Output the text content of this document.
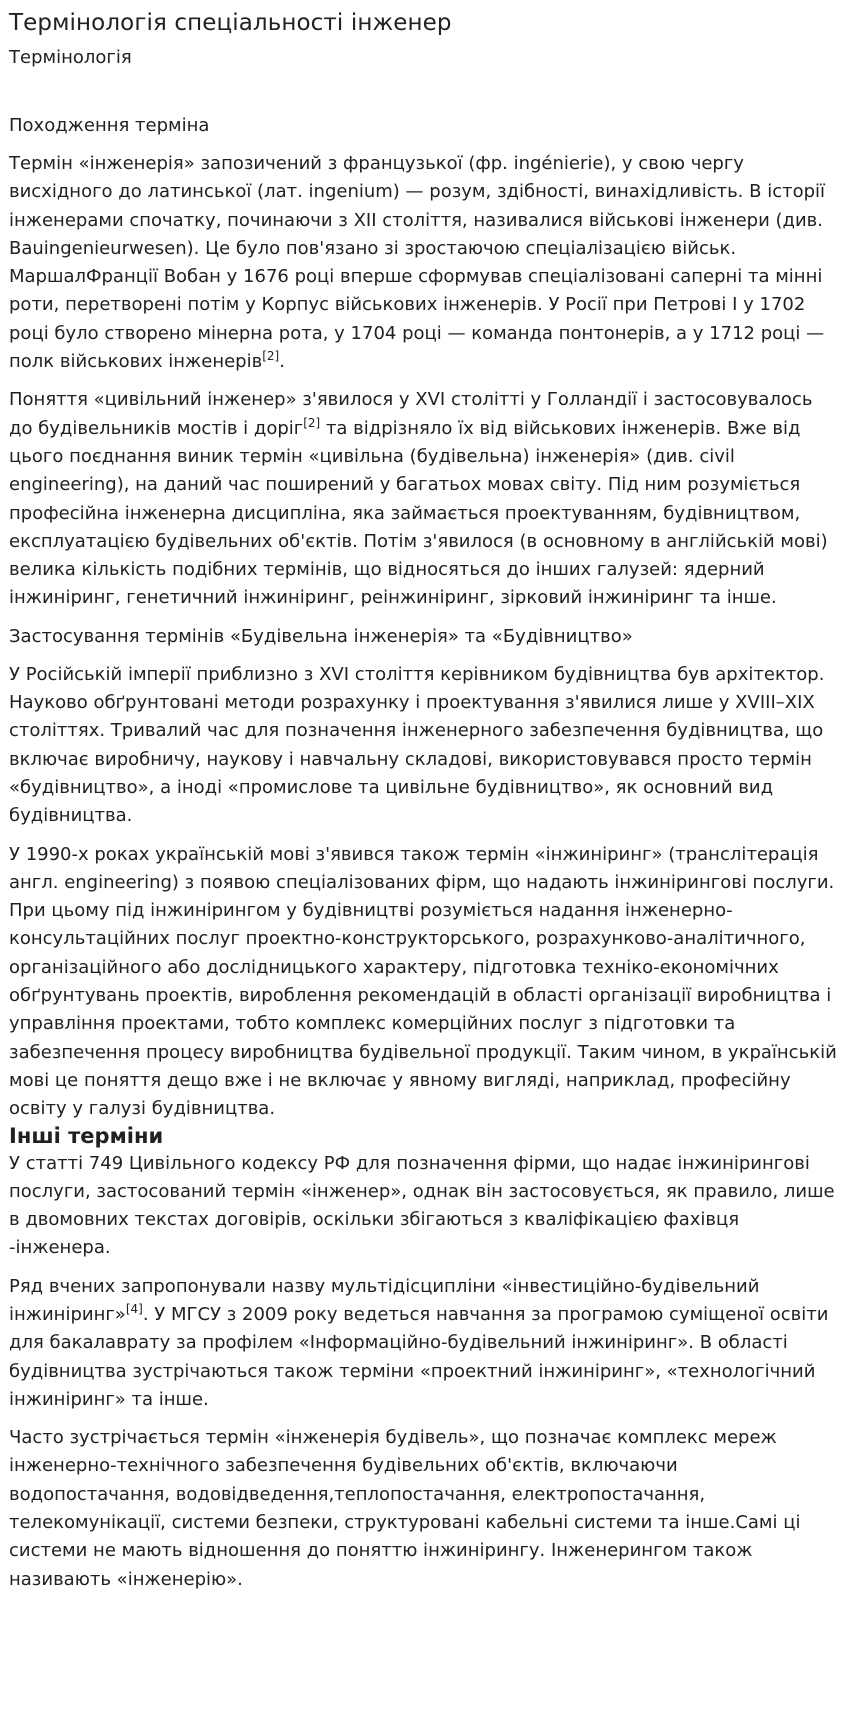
Термінологія спеціальності інженер
Термінологія
Походження терміна

Термін «інженерія» запозичений з французької (фр. ingénierie), у свою чергу висхідного до латинської (лат. ingenium) — розум, здібності, винахідливість. В історії інженерами спочатку, починаючи з XII століття, називалися військові інженери (див. Bauingenieurwesen). Це було пов'язано зі зростаючою спеціалізацією військ. МаршалФранції Вобан у 1676 році вперше сформував спеціалізовані саперні та мінні роти, перетворені потім у Корпус військових інженерів. У Росії при Петрові I у 1702 році було створено мінерна рота, у 1704 році — команда понтонерів, а у 1712 році — полк військових інженерів[2].

Поняття «цивільний інженер» з'явилося у XVI столітті у Голландії і застосовувалось до будівельників мостів і доріг[2] та відрізняло їх від військових інженерів. Вже від цього поєднання виник термін «цивільна (будівельна) інженерія» (див. civil engineering), на даний час поширений у багатьох мовах світу. Під ним розуміється професійна інженерна дисципліна, яка займається проектуванням, будівництвом, експлуатацією будівельних об'єктів. Потім з'явилося (в основному в англійській мові) велика кількість подібних термінів, що відносяться до інших галузей: ядерний інжиніринг, генетичний інжиніринг, реінжиніринг, зірковий інжиніринг та інше.

Застосування термінів «Будівельна інженерія» та «Будівництво»

У Російській імперії приблизно з XVI століття керівником будівництва був архітектор. Науково обґрунтовані методи розрахунку і проектування з'явилися лише у XVIII–XIX століттях. Тривалий час для позначення інженерного забезпечення будівництва, що включає виробничу, наукову і навчальну складові, використовувався просто термін «будівництво», а іноді «промислове та цивільне будівництво», як основний вид будівництва.

У 1990-х роках українській мові з'явився також термін «інжиніринг» (транслітерація англ. engineering) з появою спеціалізованих фірм, що надають інжинірингові послуги. При цьому під інжинірингом у будівництві розуміється надання інженерно-консультаційних послуг проектно-конструкторського, розрахунково-аналітичного, організаційного або дослідницького характеру, підготовка техніко-економічних обґрунтувань проектів, вироблення рекомендацій в області організації виробництва і управління проектами, тобто комплекс комерційних послуг з підготовки та забезпечення процесу виробництва будівельної продукції. Таким чином, в українській мові це поняття дещо вже і не включає у явному вигляді, наприклад, професійну освіту у галузі будівництва.

Інші терміни

У статті 749 Цивільного кодексу РФ для позначення фірми, що надає інжинірингові послуги, застосований термін «інженер», однак він застосовується, як правило, лише в двомовних текстах договірів, оскільки збігаються з кваліфікацією фахівця -інженера.

Ряд вчених запропонували назву мультідісципліни «інвестиційно-будівельний інжиніринг»[4]. У МГСУ з 2009 року ведеться навчання за програмою суміщеної освіти для бакалаврату за профілем «Інформаційно-будівельний інжиніринг». В області будівництва зустрічаються також терміни «проектний інжиніринг», «технологічний інжиніринг» та інше.

Часто зустрічається термін «інженерія будівель», що позначає комплекс мереж інженерно-технічного забезпечення будівельних об'єктів, включаючи водопостачання, водовідведення,теплопостачання, електропостачання, телекомунікації, системи безпеки, структуровані кабельні системи та інше.Самі ці системи не мають відношення до поняттю інжинірингу. Інженерингом також називають «інженерію».
